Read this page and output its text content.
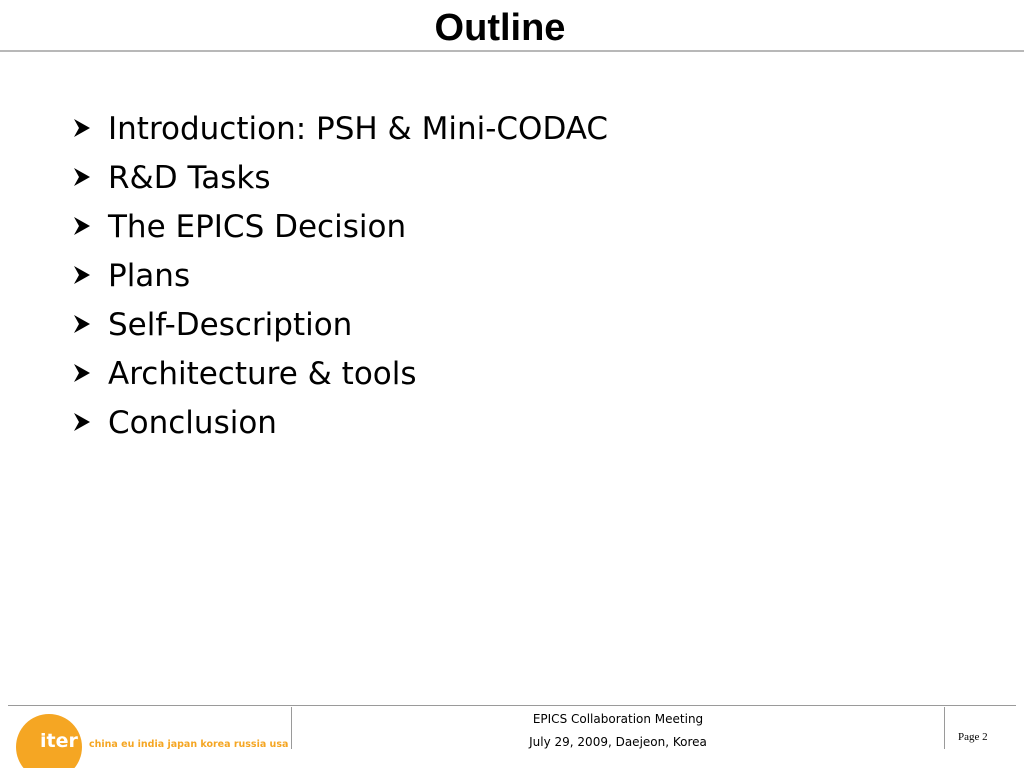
Outline
Introduction: PSH & Mini-CODAC
R&D Tasks
The EPICS Decision
Plans
Self-Description
Architecture & tools
Conclusion
iter china eu india japan korea russia usa
EPICS Collaboration Meeting
July 29, 2009, Daejeon, Korea	Page 2
